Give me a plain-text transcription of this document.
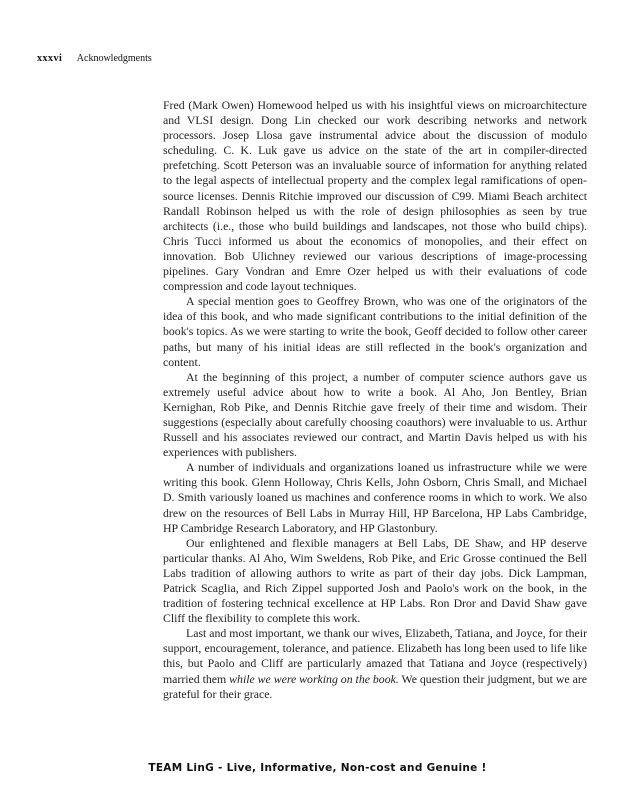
xxxvi Acknowledgments

Fred (Mark Owen) Homewood helped us with his insightful views on microarchitecture and VLSI design. Dong Lin checked our work describing networks and network processors. Josep Llosa gave instrumental advice about the discussion of modulo scheduling. C. K. Luk gave us advice on the state of the art in compiler-directed prefetching. Scott Peterson was an invaluable source of information for anything related to the legal aspects of intellectual property and the complex legal ramifications of open-source licenses. Dennis Ritchie improved our discussion of C99. Miami Beach architect Randall Robinson helped us with the role of design philosophies as seen by true architects (i.e., those who build buildings and landscapes, not those who build chips). Chris Tucci informed us about the economics of monopolies, and their effect on innovation. Bob Ulichney reviewed our various descriptions of image-processing pipelines. Gary Vondran and Emre Ozer helped us with their evaluations of code compression and code layout techniques.

A special mention goes to Geoffrey Brown, who was one of the originators of the idea of this book, and who made significant contributions to the initial definition of the book's topics. As we were starting to write the book, Geoff decided to follow other career paths, but many of his initial ideas are still reflected in the book's organization and content.

At the beginning of this project, a number of computer science authors gave us extremely useful advice about how to write a book. Al Aho, Jon Bentley, Brian Kernighan, Rob Pike, and Dennis Ritchie gave freely of their time and wisdom. Their suggestions (especially about carefully choosing coauthors) were invaluable to us. Arthur Russell and his associates reviewed our contract, and Martin Davis helped us with his experiences with publishers.

A number of individuals and organizations loaned us infrastructure while we were writing this book. Glenn Holloway, Chris Kells, John Osborn, Chris Small, and Michael D. Smith variously loaned us machines and conference rooms in which to work. We also drew on the resources of Bell Labs in Murray Hill, HP Barcelona, HP Labs Cambridge, HP Cambridge Research Laboratory, and HP Glastonbury.

Our enlightened and flexible managers at Bell Labs, DE Shaw, and HP deserve particular thanks. Al Aho, Wim Sweldens, Rob Pike, and Eric Grosse continued the Bell Labs tradition of allowing authors to write as part of their day jobs. Dick Lampman, Patrick Scaglia, and Rich Zippel supported Josh and Paolo's work on the book, in the tradition of fostering technical excellence at HP Labs. Ron Dror and David Shaw gave Cliff the flexibility to complete this work.

Last and most important, we thank our wives, Elizabeth, Tatiana, and Joyce, for their support, encouragement, tolerance, and patience. Elizabeth has long been used to life like this, but Paolo and Cliff are particularly amazed that Tatiana and Joyce (respectively) married them while we were working on the book. We question their judgment, but we are grateful for their grace.

TEAM LinG - Live, Informative, Non-cost and Genuine !
